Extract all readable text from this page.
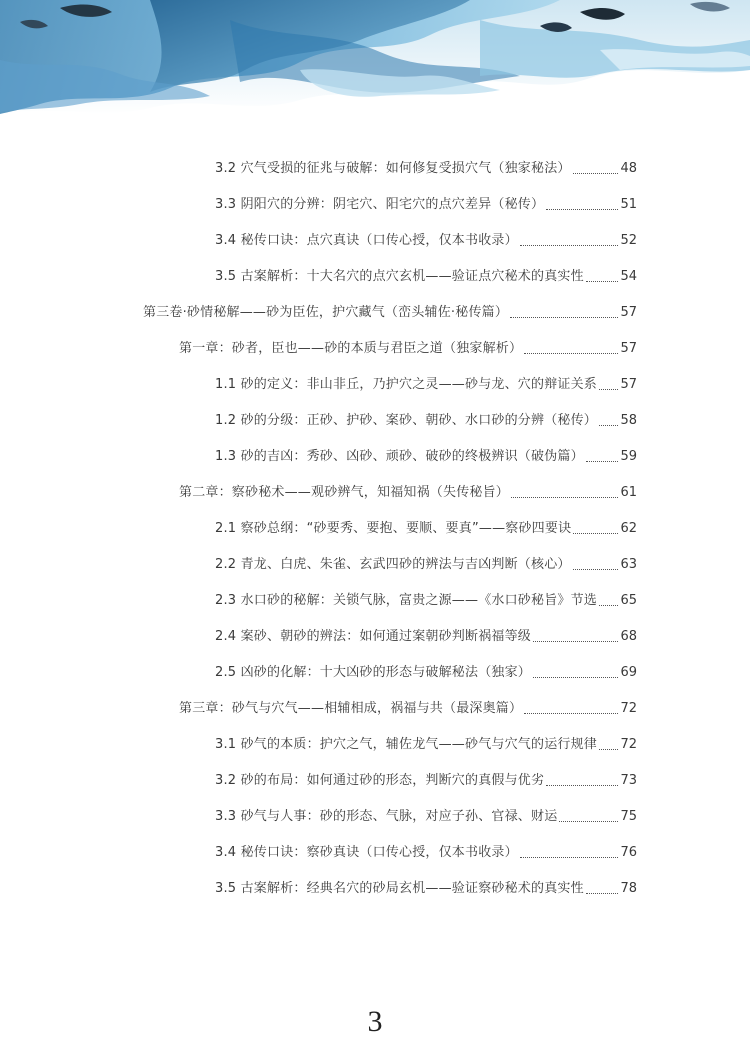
3.2 穴气受损的征兆与破解：如何修复受损穴气（独家秘法）	48
3.3 阴阳穴的分辨：阴宅穴、阳宅穴的点穴差异（秘传）	51
3.4 秘传口诀：点穴真诀（口传心授，仅本书收录）	52
3.5 古案解析：十大名穴的点穴玄机——验证点穴秘术的真实性	54
第三卷·砂情秘解——砂为臣佐，护穴藏气（峦头辅佐·秘传篇）	57
第一章：砂者，臣也——砂的本质与君臣之道（独家解析）	57
1.1 砂的定义：非山非丘，乃护穴之灵——砂与龙、穴的辩证关系 57
1.2 砂的分级：正砂、护砂、案砂、朝砂、水口砂的分辨（秘传） 58
1.3 砂的吉凶：秀砂、凶砂、顽砂、破砂的终极辨识（破伪篇）	59
第二章：察砂秘术——观砂辨气，知福知祸（失传秘旨）	61
2.1 察砂总纲：“砂要秀、要抱、要顺、要真”——察砂四要诀	62
2.2 青龙、白虎、朱雀、玄武四砂的辨法与吉凶判断（核心）	63
2.3 水口砂的秘解：关锁气脉，富贵之源——《水口砂秘旨》节选 65
2.4 案砂、朝砂的辨法：如何通过案朝砂判断祸福等级	68
2.5 凶砂的化解：十大凶砂的形态与破解秘法（独家）	69
第三章：砂气与穴气——相辅相成，祸福与共（最深奥篇）	72
3.1 砂气的本质：护穴之气，辅佐龙气——砂气与穴气的运行规律 72
3.2 砂的布局：如何通过砂的形态，判断穴的真假与优劣	73
3.3 砂气与人事：砂的形态、气脉，对应子孙、官禄、财运	75
3.4 秘传口诀：察砂真诀（口传心授，仅本书收录）	76
3.5 古案解析：经典名穴的砂局玄机——验证察砂秘术的真实性	78
3
